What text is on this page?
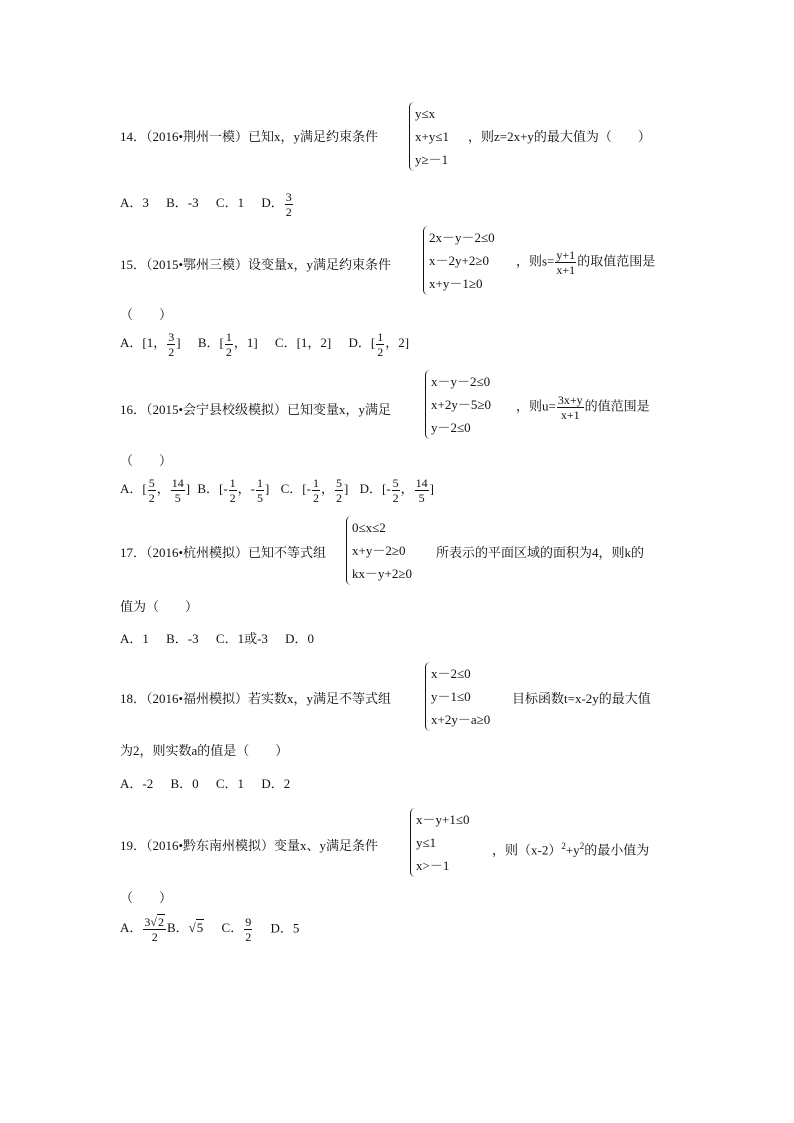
14．（2016•荆州一模）已知x，y满足约束条件
y≤x
x+y≤1
y≥－1
，则z=2x+y的最大值为（　　）
A．3 B．-3 C．1 D． $\frac{3}{2}$
15．（2015•鄂州三模）设变量x，y满足约束条件
2x－y－2≤0
x－2y+2≥0
x+y－1≥0
，则$s= \frac{y+1}{x+1}$ 的取值范围是
（　　）
A．[1， $\frac{3}{2}$ ] B．[ $\frac{1}{2}$ ，1] C．[1，2] D．[ $\frac{1}{2}$ ，2]
16．（2015•会宁县校级模拟）已知变量x，y满足
x－y－2≤0
x+2y－5≥0
y－2≤0
，则$u= \frac{3x+y}{x+1}$ 的值范围是
（　　）
A．[ $\frac{5}{2}$ ， $\frac{14}{5}$ ] B．[- $\frac{1}{2}$ ，- $\frac{1}{5}$ ] C．[- $\frac{1}{2}$ ， $\frac{5}{2}$ ] D．[- $\frac{5}{2}$ ， $\frac{14}{5}$ ]
17．（2016•杭州模拟）已知不等式组
0≤x≤2
x+y－2≥0
kx－y+2≥0
所表示的平面区域的面积为4，则k的
值为（　　）
A．1 B．-3 C．1或-3 D．0
18．（2016•福州模拟）若实数x，y满足不等式组
x－2≤0
y－1≤0
x+2y－a≥0
目标函数t=x-2y的最大值
为2，则实数a的值是（　　）
A．-2 B．0 C．1 D．2
19．（2016•黔东南州模拟）变量x、y满足条件
x－y+1≤0
y≤1
x>－1
，则$(x-2)^2+y^2$的最小值为
（　　）
A． $\frac{3√2}{2}$ B．√5 C． $\frac{9}{2}$ D．5
